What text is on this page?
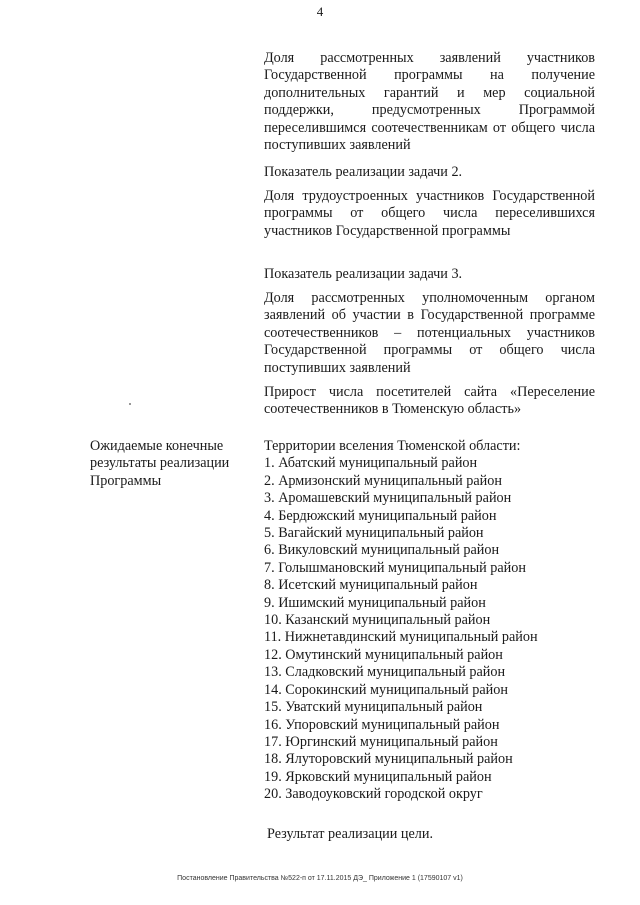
4

Доля рассмотренных заявлений участников Государственной программы на получение дополнительных гарантий и мер социальной поддержки, предусмотренных Программой переселившимся соотечественникам от общего числа поступивших заявлений

Показатель реализации задачи 2.

Доля трудоустроенных участников Государственной программы от общего числа переселившихся участников Государственной программы

Показатель реализации задачи 3.

Доля рассмотренных уполномоченным органом заявлений об участии в Государственной программе соотечественников – потенциальных участников Государственной программы от общего числа поступивших заявлений

Прирост числа посетителей сайта «Переселение соотечественников в Тюменскую область»

Ожидаемые конечные
результаты реализации
Программы
Территории вселения Тюменской области:
1. Абатский муниципальный район
2. Армизонский муниципальный район
3. Аромашевский муниципальный район
4. Бердюжский муниципальный район
5. Вагайский муниципальный район
6. Викуловский муниципальный район
7. Голышмановский муниципальный район
8. Исетский муниципальный район
9. Ишимский муниципальный район
10. Казанский муниципальный район
11. Нижнетавдинский муниципальный район
12. Омутинский муниципальный район
13. Сладковский муниципальный район
14. Сорокинский муниципальный район
15. Уватский муниципальный район
16. Упоровский муниципальный район
17. Юргинский муниципальный район
18. Ялуторовский муниципальный район
19. Ярковский муниципальный район
20. Заводоуковский городской округ
Результат реализации цели.
Постановление Правительства №522-п от 17.11.2015 ДЭ_ Приложение 1 (17590107 v1)
